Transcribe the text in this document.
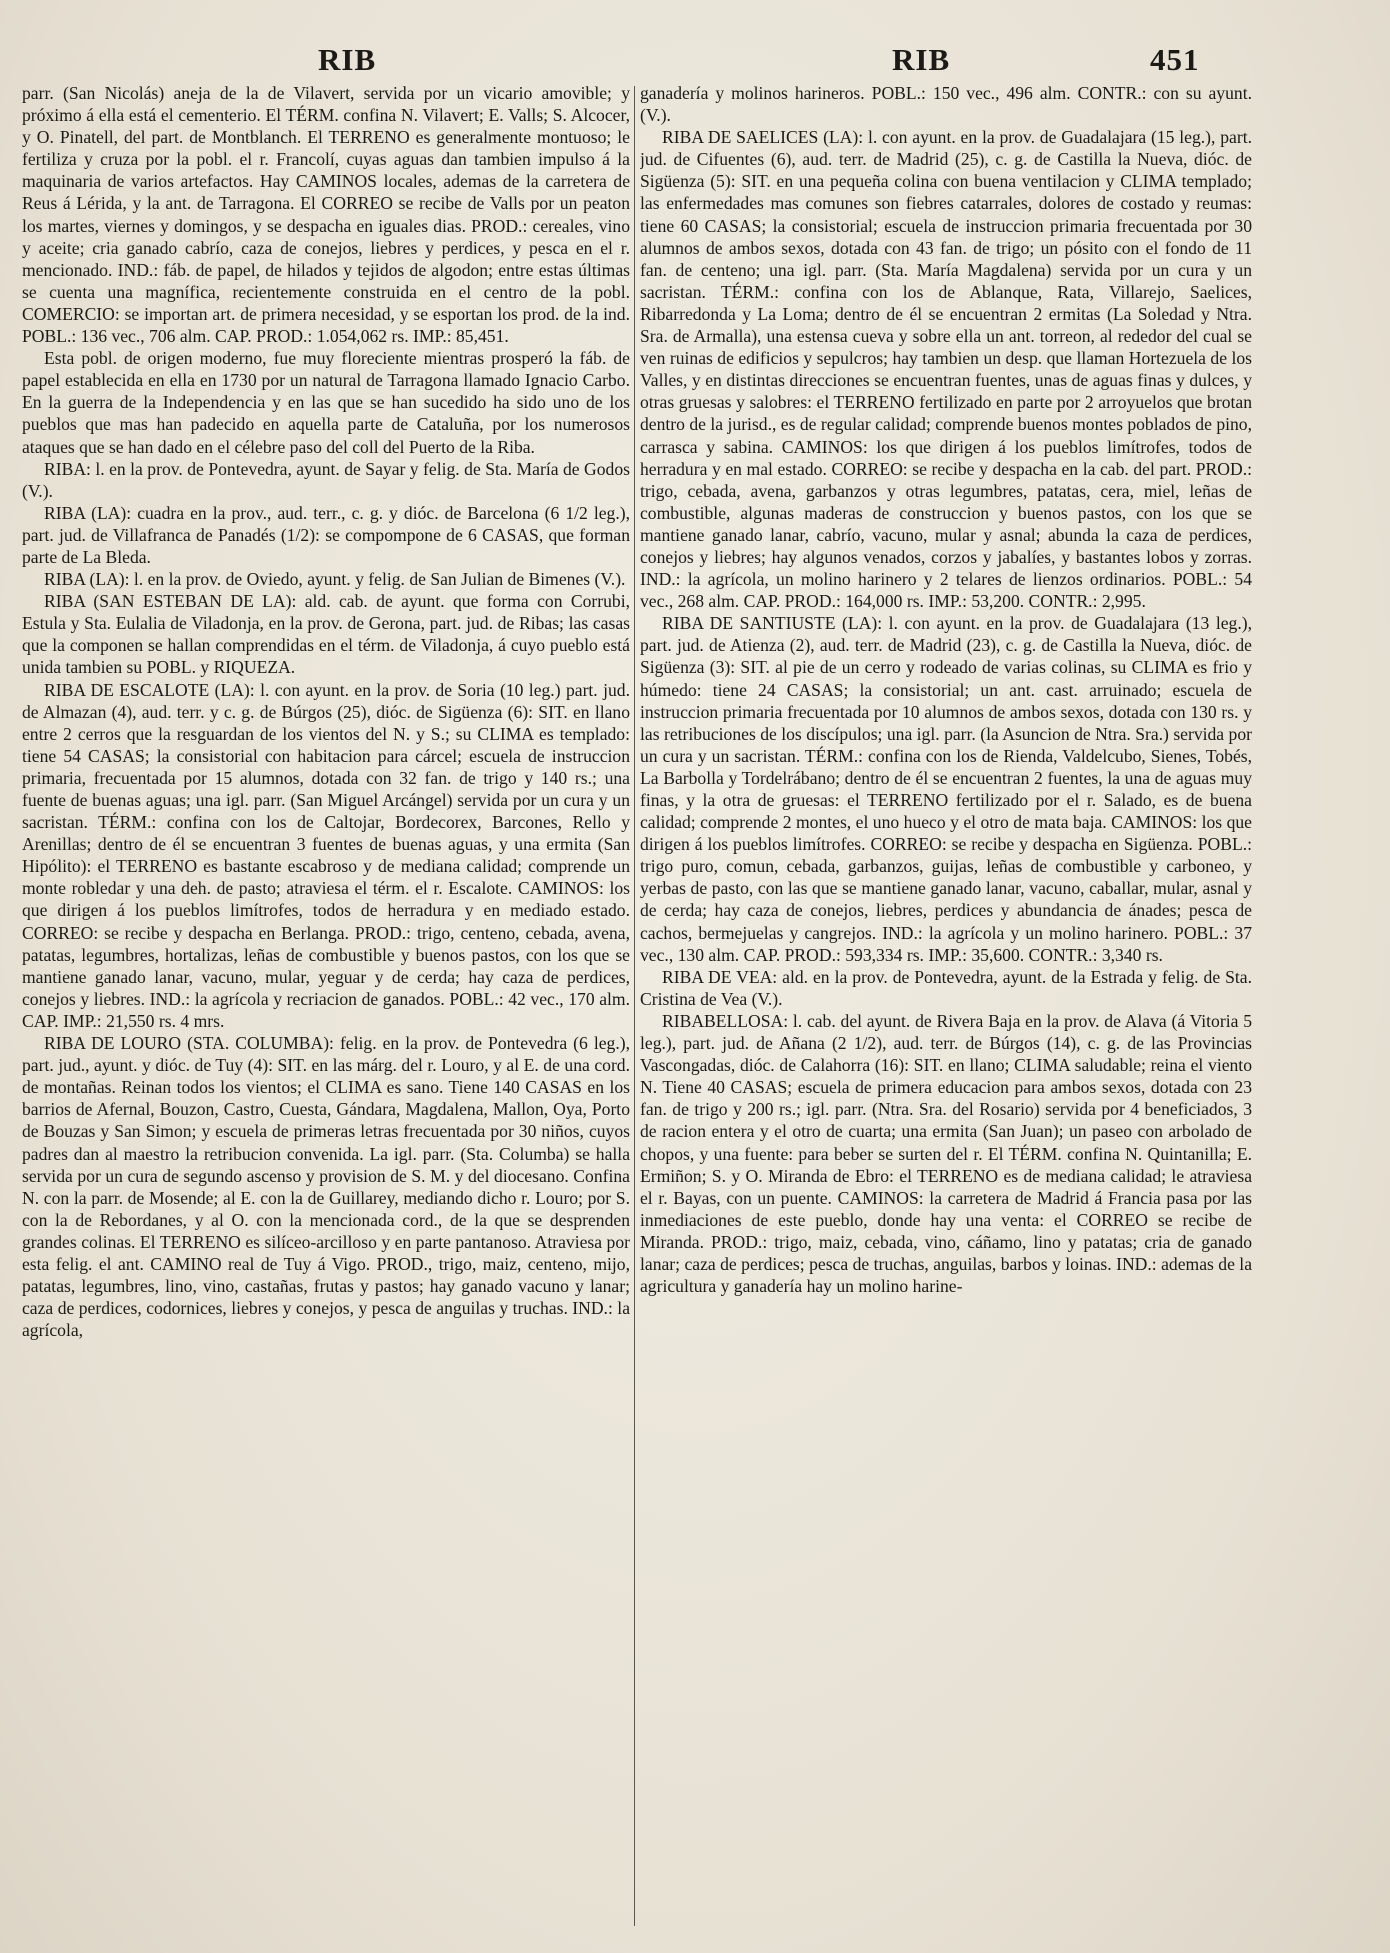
RIB	RIB	451

parr. (San Nicolás) aneja de la de Vilavert, servida por un vicario amovible; y próximo á ella está el cementerio. El TÉRM. confina N. Vilavert; E. Valls; S. Alcocer, y O. Pinatell, del part. de Montblanch. El TERRENO es generalmente montuoso; le fertiliza y cruza por la pobl. el r. Francolí, cuyas aguas dan tambien impulso á la maquinaria de varios artefactos. Hay CAMINOS locales, ademas de la carretera de Reus á Lérida, y la ant. de Tarragona. El CORREO se recibe de Valls por un peaton los martes, viernes y domingos, y se despacha en iguales dias. PROD.: cereales, vino y aceite; cria ganado cabrío, caza de conejos, liebres y perdices, y pesca en el r. mencionado. IND.: fáb. de papel, de hilados y tejidos de algodon; entre estas últimas se cuenta una magnífica, recientemente construida en el centro de la pobl. COMERCIO: se importan art. de primera necesidad, y se esportan los prod. de la ind. POBL.: 136 vec., 706 alm. CAP. PROD.: 1.054,062 rs. IMP.: 85,451.

Esta pobl. de origen moderno, fue muy floreciente mientras prosperó la fáb. de papel establecida en ella en 1730 por un natural de Tarragona llamado Ignacio Carbo. En la guerra de la Independencia y en las que se han sucedido ha sido uno de los pueblos que mas han padecido en aquella parte de Cataluña, por los numerosos ataques que se han dado en el célebre paso del coll del Puerto de la Riba.

RIBA: l. en la prov. de Pontevedra, ayunt. de Sayar y felig. de Sta. María de Godos (V.).

RIBA (LA): cuadra en la prov., aud. terr., c. g. y dióc. de Barcelona (6 1/2 leg.), part. jud. de Villafranca de Panadés (1/2): se compompone de 6 CASAS, que forman parte de La Bleda.

RIBA (LA): l. en la prov. de Oviedo, ayunt. y felig. de San Julian de Bimenes (V.).

RIBA (SAN ESTEBAN DE LA): ald. cab. de ayunt. que forma con Corrubi, Estula y Sta. Eulalia de Viladonja, en la prov. de Gerona, part. jud. de Ribas; las casas que la componen se hallan comprendidas en el térm. de Viladonja, á cuyo pueblo está unida tambien su POBL. y RIQUEZA.

RIBA DE ESCALOTE (LA): l. con ayunt. en la prov. de Soria (10 leg.) part. jud. de Almazan (4), aud. terr. y c. g. de Búrgos (25), dióc. de Sigüenza (6): SIT. en llano entre 2 cerros que la resguardan de los vientos del N. y S.; su CLIMA es templado: tiene 54 CASAS; la consistorial con habitacion para cárcel; escuela de instruccion primaria, frecuentada por 15 alumnos, dotada con 32 fan. de trigo y 140 rs.; una fuente de buenas aguas; una igl. parr. (San Miguel Arcángel) servida por un cura y un sacristan. TÉRM.: confina con los de Caltojar, Bordecorex, Barcones, Rello y Arenillas; dentro de él se encuentran 3 fuentes de buenas aguas, y una ermita (San Hipólito): el TERRENO es bastante escabroso y de mediana calidad; comprende un monte robledar y una deh. de pasto; atraviesa el térm. el r. Escalote. CAMINOS: los que dirigen á los pueblos limítrofes, todos de herradura y en mediado estado. CORREO: se recibe y despacha en Berlanga. PROD.: trigo, centeno, cebada, avena, patatas, legumbres, hortalizas, leñas de combustible y buenos pastos, con los que se mantiene ganado lanar, vacuno, mular, yeguar y de cerda; hay caza de perdices, conejos y liebres. IND.: la agrícola y recriacion de ganados. POBL.: 42 vec., 170 alm. CAP. IMP.: 21,550 rs. 4 mrs.

RIBA DE LOURO (STA. COLUMBA): felig. en la prov. de Pontevedra (6 leg.), part. jud., ayunt. y dióc. de Tuy (4): SIT. en las márg. del r. Louro, y al E. de una cord. de montañas. Reinan todos los vientos; el CLIMA es sano. Tiene 140 CASAS en los barrios de Afernal, Bouzon, Castro, Cuesta, Gándara, Magdalena, Mallon, Oya, Porto de Bouzas y San Simon; y escuela de primeras letras frecuentada por 30 niños, cuyos padres dan al maestro la retribucion convenida. La igl. parr. (Sta. Columba) se halla servida por un cura de segundo ascenso y provision de S. M. y del diocesano. Confina N. con la parr. de Mosende; al E. con la de Guillarey, mediando dicho r. Louro; por S. con la de Rebordanes, y al O. con la mencionada cord., de la que se desprenden grandes colinas. El TERRENO es silíceo-arcilloso y en parte pantanoso. Atraviesa por esta felig. el ant. CAMINO real de Tuy á Vigo. PROD., trigo, maiz, centeno, mijo, patatas, legumbres, lino, vino, castañas, frutas y pastos; hay ganado vacuno y lanar; caza de perdices, codornices, liebres y conejos, y pesca de anguilas y truchas. IND.: la agrícola,

ganadería y molinos harineros. POBL.: 150 vec., 496 alm. CONTR.: con su ayunt. (V.).

RIBA DE SAELICES (LA): l. con ayunt. en la prov. de Guadalajara (15 leg.), part. jud. de Cifuentes (6), aud. terr. de Madrid (25), c. g. de Castilla la Nueva, dióc. de Sigüenza (5): SIT. en una pequeña colina con buena ventilacion y CLIMA templado; las enfermedades mas comunes son fiebres catarrales, dolores de costado y reumas: tiene 60 CASAS; la consistorial; escuela de instruccion primaria frecuentada por 30 alumnos de ambos sexos, dotada con 43 fan. de trigo; un pósito con el fondo de 11 fan. de centeno; una igl. parr. (Sta. María Magdalena) servida por un cura y un sacristan. TÉRM.: confina con los de Ablanque, Rata, Villarejo, Saelices, Ribarredonda y La Loma; dentro de él se encuentran 2 ermitas (La Soledad y Ntra. Sra. de Armalla), una estensa cueva y sobre ella un ant. torreon, al rededor del cual se ven ruinas de edificios y sepulcros; hay tambien un desp. que llaman Hortezuela de los Valles, y en distintas direcciones se encuentran fuentes, unas de aguas finas y dulces, y otras gruesas y salobres: el TERRENO fertilizado en parte por 2 arroyuelos que brotan dentro de la jurisd., es de regular calidad; comprende buenos montes poblados de pino, carrasca y sabina. CAMINOS: los que dirigen á los pueblos limítrofes, todos de herradura y en mal estado. CORREO: se recibe y despacha en la cab. del part. PROD.: trigo, cebada, avena, garbanzos y otras legumbres, patatas, cera, miel, leñas de combustible, algunas maderas de construccion y buenos pastos, con los que se mantiene ganado lanar, cabrío, vacuno, mular y asnal; abunda la caza de perdices, conejos y liebres; hay algunos venados, corzos y jabalíes, y bastantes lobos y zorras. IND.: la agrícola, un molino harinero y 2 telares de lienzos ordinarios. POBL.: 54 vec., 268 alm. CAP. PROD.: 164,000 rs. IMP.: 53,200. CONTR.: 2,995.

RIBA DE SANTIUSTE (LA): l. con ayunt. en la prov. de Guadalajara (13 leg.), part. jud. de Atienza (2), aud. terr. de Madrid (23), c. g. de Castilla la Nueva, dióc. de Sigüenza (3): SIT. al pie de un cerro y rodeado de varias colinas, su CLIMA es frio y húmedo: tiene 24 CASAS; la consistorial; un ant. cast. arruinado; escuela de instruccion primaria frecuentada por 10 alumnos de ambos sexos, dotada con 130 rs. y las retribuciones de los discípulos; una igl. parr. (la Asuncion de Ntra. Sra.) servida por un cura y un sacristan. TÉRM.: confina con los de Rienda, Valdelcubo, Sienes, Tobés, La Barbolla y Tordelrábano; dentro de él se encuentran 2 fuentes, la una de aguas muy finas, y la otra de gruesas: el TERRENO fertilizado por el r. Salado, es de buena calidad; comprende 2 montes, el uno hueco y el otro de mata baja. CAMINOS: los que dirigen á los pueblos limítrofes. CORREO: se recibe y despacha en Sigüenza. POBL.: trigo puro, comun, cebada, garbanzos, guijas, leñas de combustible y carboneo, y yerbas de pasto, con las que se mantiene ganado lanar, vacuno, caballar, mular, asnal y de cerda; hay caza de conejos, liebres, perdices y abundancia de ánades; pesca de cachos, bermejuelas y cangrejos. IND.: la agrícola y un molino harinero. POBL.: 37 vec., 130 alm. CAP. PROD.: 593,334 rs. IMP.: 35,600. CONTR.: 3,340 rs.

RIBA DE VEA: ald. en la prov. de Pontevedra, ayunt. de la Estrada y felig. de Sta. Cristina de Vea (V.).

RIBABELLOSA: l. cab. del ayunt. de Rivera Baja en la prov. de Alava (á Vitoria 5 leg.), part. jud. de Añana (2 1/2), aud. terr. de Búrgos (14), c. g. de las Provincias Vascongadas, dióc. de Calahorra (16): SIT. en llano; CLIMA saludable; reina el viento N. Tiene 40 CASAS; escuela de primera educacion para ambos sexos, dotada con 23 fan. de trigo y 200 rs.; igl. parr. (Ntra. Sra. del Rosario) servida por 4 beneficiados, 3 de racion entera y el otro de cuarta; una ermita (San Juan); un paseo con arbolado de chopos, y una fuente: para beber se surten del r. El TÉRM. confina N. Quintanilla; E. Ermiñon; S. y O. Miranda de Ebro: el TERRENO es de mediana calidad; le atraviesa el r. Bayas, con un puente. CAMINOS: la carretera de Madrid á Francia pasa por las inmediaciones de este pueblo, donde hay una venta: el CORREO se recibe de Miranda. PROD.: trigo, maiz, cebada, vino, cáñamo, lino y patatas; cria de ganado lanar; caza de perdices; pesca de truchas, anguilas, barbos y loinas. IND.: ademas de la agricultura y ganadería hay un molino harine-
